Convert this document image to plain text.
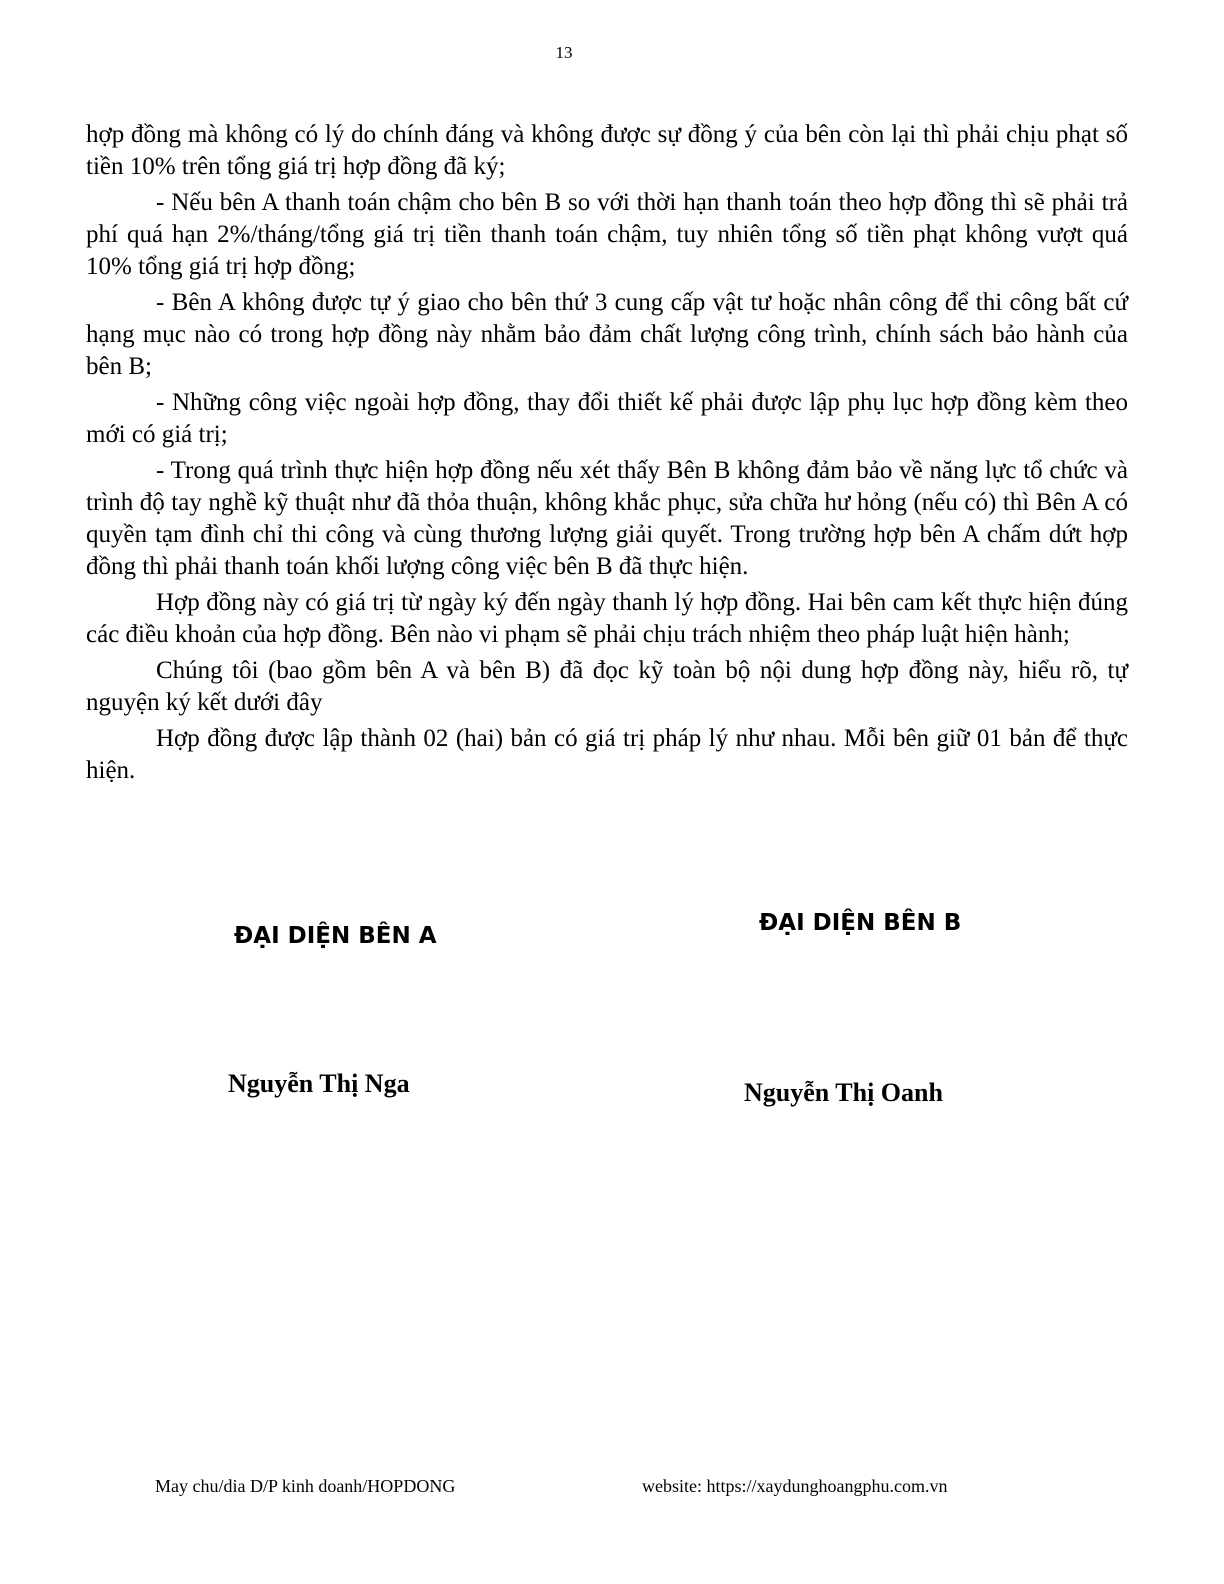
13

hợp đồng mà không có lý do chính đáng và không được sự đồng ý của bên còn lại thì phải chịu phạt số tiền 10% trên tổng giá trị hợp đồng đã ký;

- Nếu bên A thanh toán chậm cho bên B so với thời hạn thanh toán theo hợp đồng thì sẽ phải trả phí quá hạn 2%/tháng/tổng giá trị tiền thanh toán chậm, tuy nhiên tổng số tiền phạt không vượt quá 10% tổng giá trị hợp đồng;

- Bên A không được tự ý giao cho bên thứ 3 cung cấp vật tư hoặc nhân công để thi công bất cứ hạng mục nào có trong hợp đồng này nhằm bảo đảm chất lượng công trình, chính sách bảo hành của bên B;

- Những công việc ngoài hợp đồng, thay đổi thiết kế phải được lập phụ lục hợp đồng kèm theo mới có giá trị;

- Trong quá trình thực hiện hợp đồng nếu xét thấy Bên B không đảm bảo về năng lực tổ chức và trình độ tay nghề kỹ thuật như đã thỏa thuận, không khắc phục, sửa chữa hư hỏng (nếu có) thì Bên A có quyền tạm đình chỉ thi công và cùng thương lượng giải quyết. Trong trường hợp bên A chấm dứt hợp đồng thì phải thanh toán khối lượng công việc bên B đã thực hiện.

Hợp đồng này có giá trị từ ngày ký đến ngày thanh lý hợp đồng. Hai bên cam kết thực hiện đúng các điều khoản của hợp đồng. Bên nào vi phạm sẽ phải chịu trách nhiệm theo pháp luật hiện hành;

Chúng tôi (bao gồm bên A và bên B) đã đọc kỹ toàn bộ nội dung hợp đồng này, hiểu rõ, tự nguyện ký kết dưới đây

Hợp đồng được lập thành 02 (hai) bản có giá trị pháp lý như nhau. Mỗi bên giữ 01 bản để thực hiện.

ĐẠI DIỆN BÊN A	ĐẠI DIỆN BÊN B
Nguyễn Thị Nga	Nguyễn Thị Oanh
May chu/dia D/P kinh doanh/HOPDONG	website: https://xaydunghoangphu.com.vn
